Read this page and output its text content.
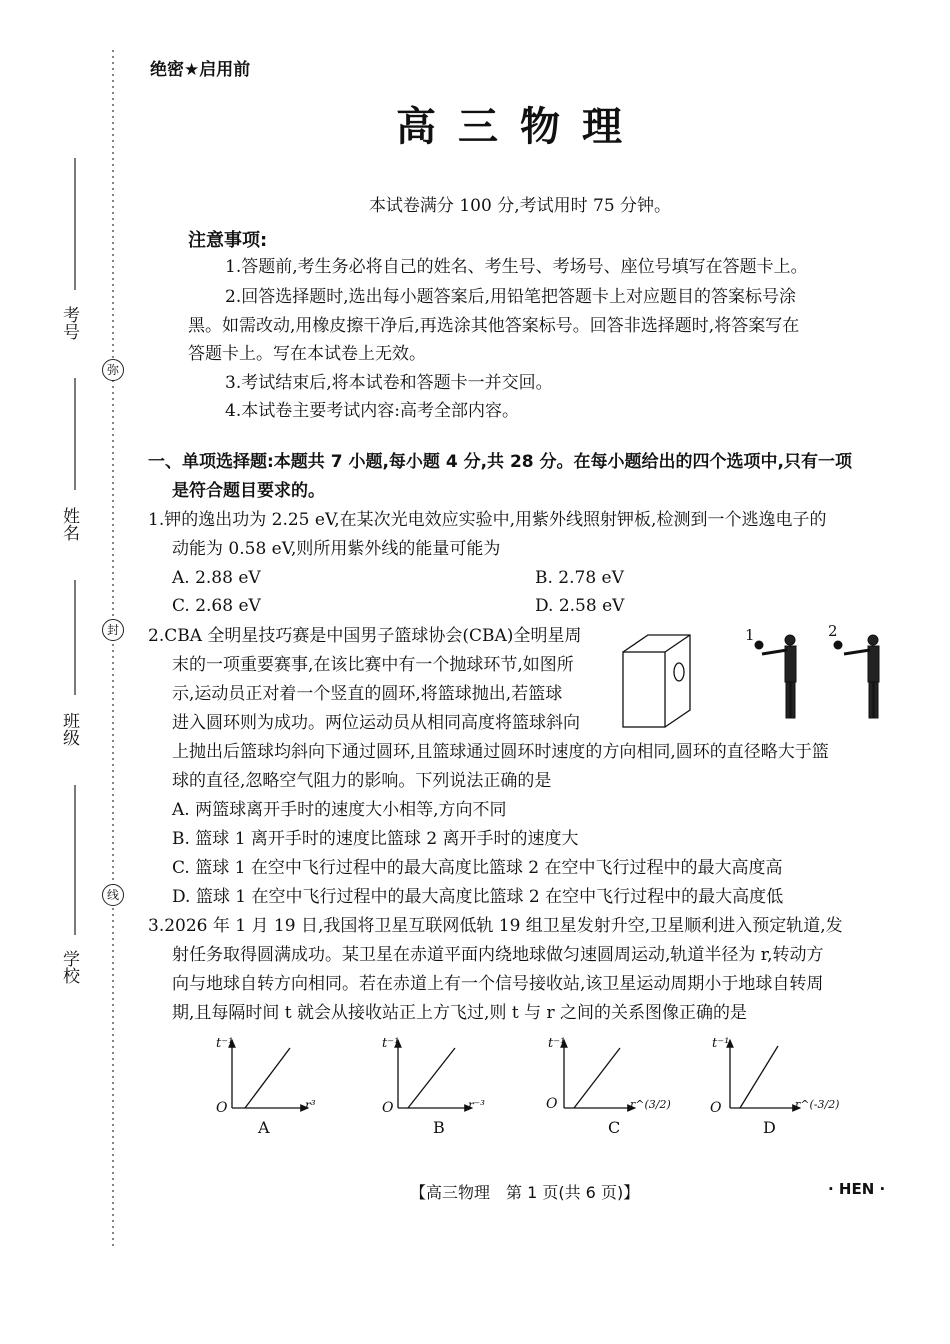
考号
姓名
班级
学校
弥
封
线
绝密★启用前
高三物理
本试卷满分 100 分,考试用时 75 分钟。
注意事项:
1.答题前,考生务必将自己的姓名、考生号、考场号、座位号填写在答题卡上。
2.回答选择题时,选出每小题答案后,用铅笔把答题卡上对应题目的答案标号涂
黑。如需改动,用橡皮擦干净后,再选涂其他答案标号。回答非选择题时,将答案写在
答题卡上。写在本试卷上无效。
3.考试结束后,将本试卷和答题卡一并交回。
4.本试卷主要考试内容:高考全部内容。
一、单项选择题:本题共 7 小题,每小题 4 分,共 28 分。在每小题给出的四个选项中,只有一项
是符合题目要求的。
1.钾的逸出功为 2.25 eV,在某次光电效应实验中,用紫外线照射钾板,检测到一个逃逸电子的
动能为 0.58 eV,则所用紫外线的能量可能为
A. 2.88 eV	B. 2.78 eV
C. 2.68 eV	D. 2.58 eV
2.CBA 全明星技巧赛是中国男子篮球协会(CBA)全明星周
末的一项重要赛事,在该比赛中有一个抛球环节,如图所
示,运动员正对着一个竖直的圆环,将篮球抛出,若篮球
进入圆环则为成功。两位运动员从相同高度将篮球斜向
上抛出后篮球均斜向下通过圆环,且篮球通过圆环时速度的方向相同,圆环的直径略大于篮
球的直径,忽略空气阻力的影响。下列说法正确的是
A. 两篮球离开手时的速度大小相等,方向不同
B. 篮球 1 离开手时的速度比篮球 2 离开手时的速度大
C. 篮球 1 在空中飞行过程中的最大高度比篮球 2 在空中飞行过程中的最大高度高
D. 篮球 1 在空中飞行过程中的最大高度比篮球 2 在空中飞行过程中的最大高度低
1	2
3.2026 年 1 月 19 日,我国将卫星互联网低轨 19 组卫星发射升空,卫星顺利进入预定轨道,发
射任务取得圆满成功。某卫星在赤道平面内绕地球做匀速圆周运动,轨道半径为 r,转动方
向与地球自转方向相同。若在赤道上有一个信号接收站,该卫星运动周期小于地球自转周
期,且每隔时间 t 就会从接收站正上方飞过,则 t 与 r 之间的关系图像正确的是
t⁻¹
O	r³
A
t⁻¹
O	r⁻³
B
t⁻¹
O	r^(3/2)
C
t⁻¹
O	r^(-3/2)
D
【高三物理　第 1 页(共 6 页)】	· HEN ·
